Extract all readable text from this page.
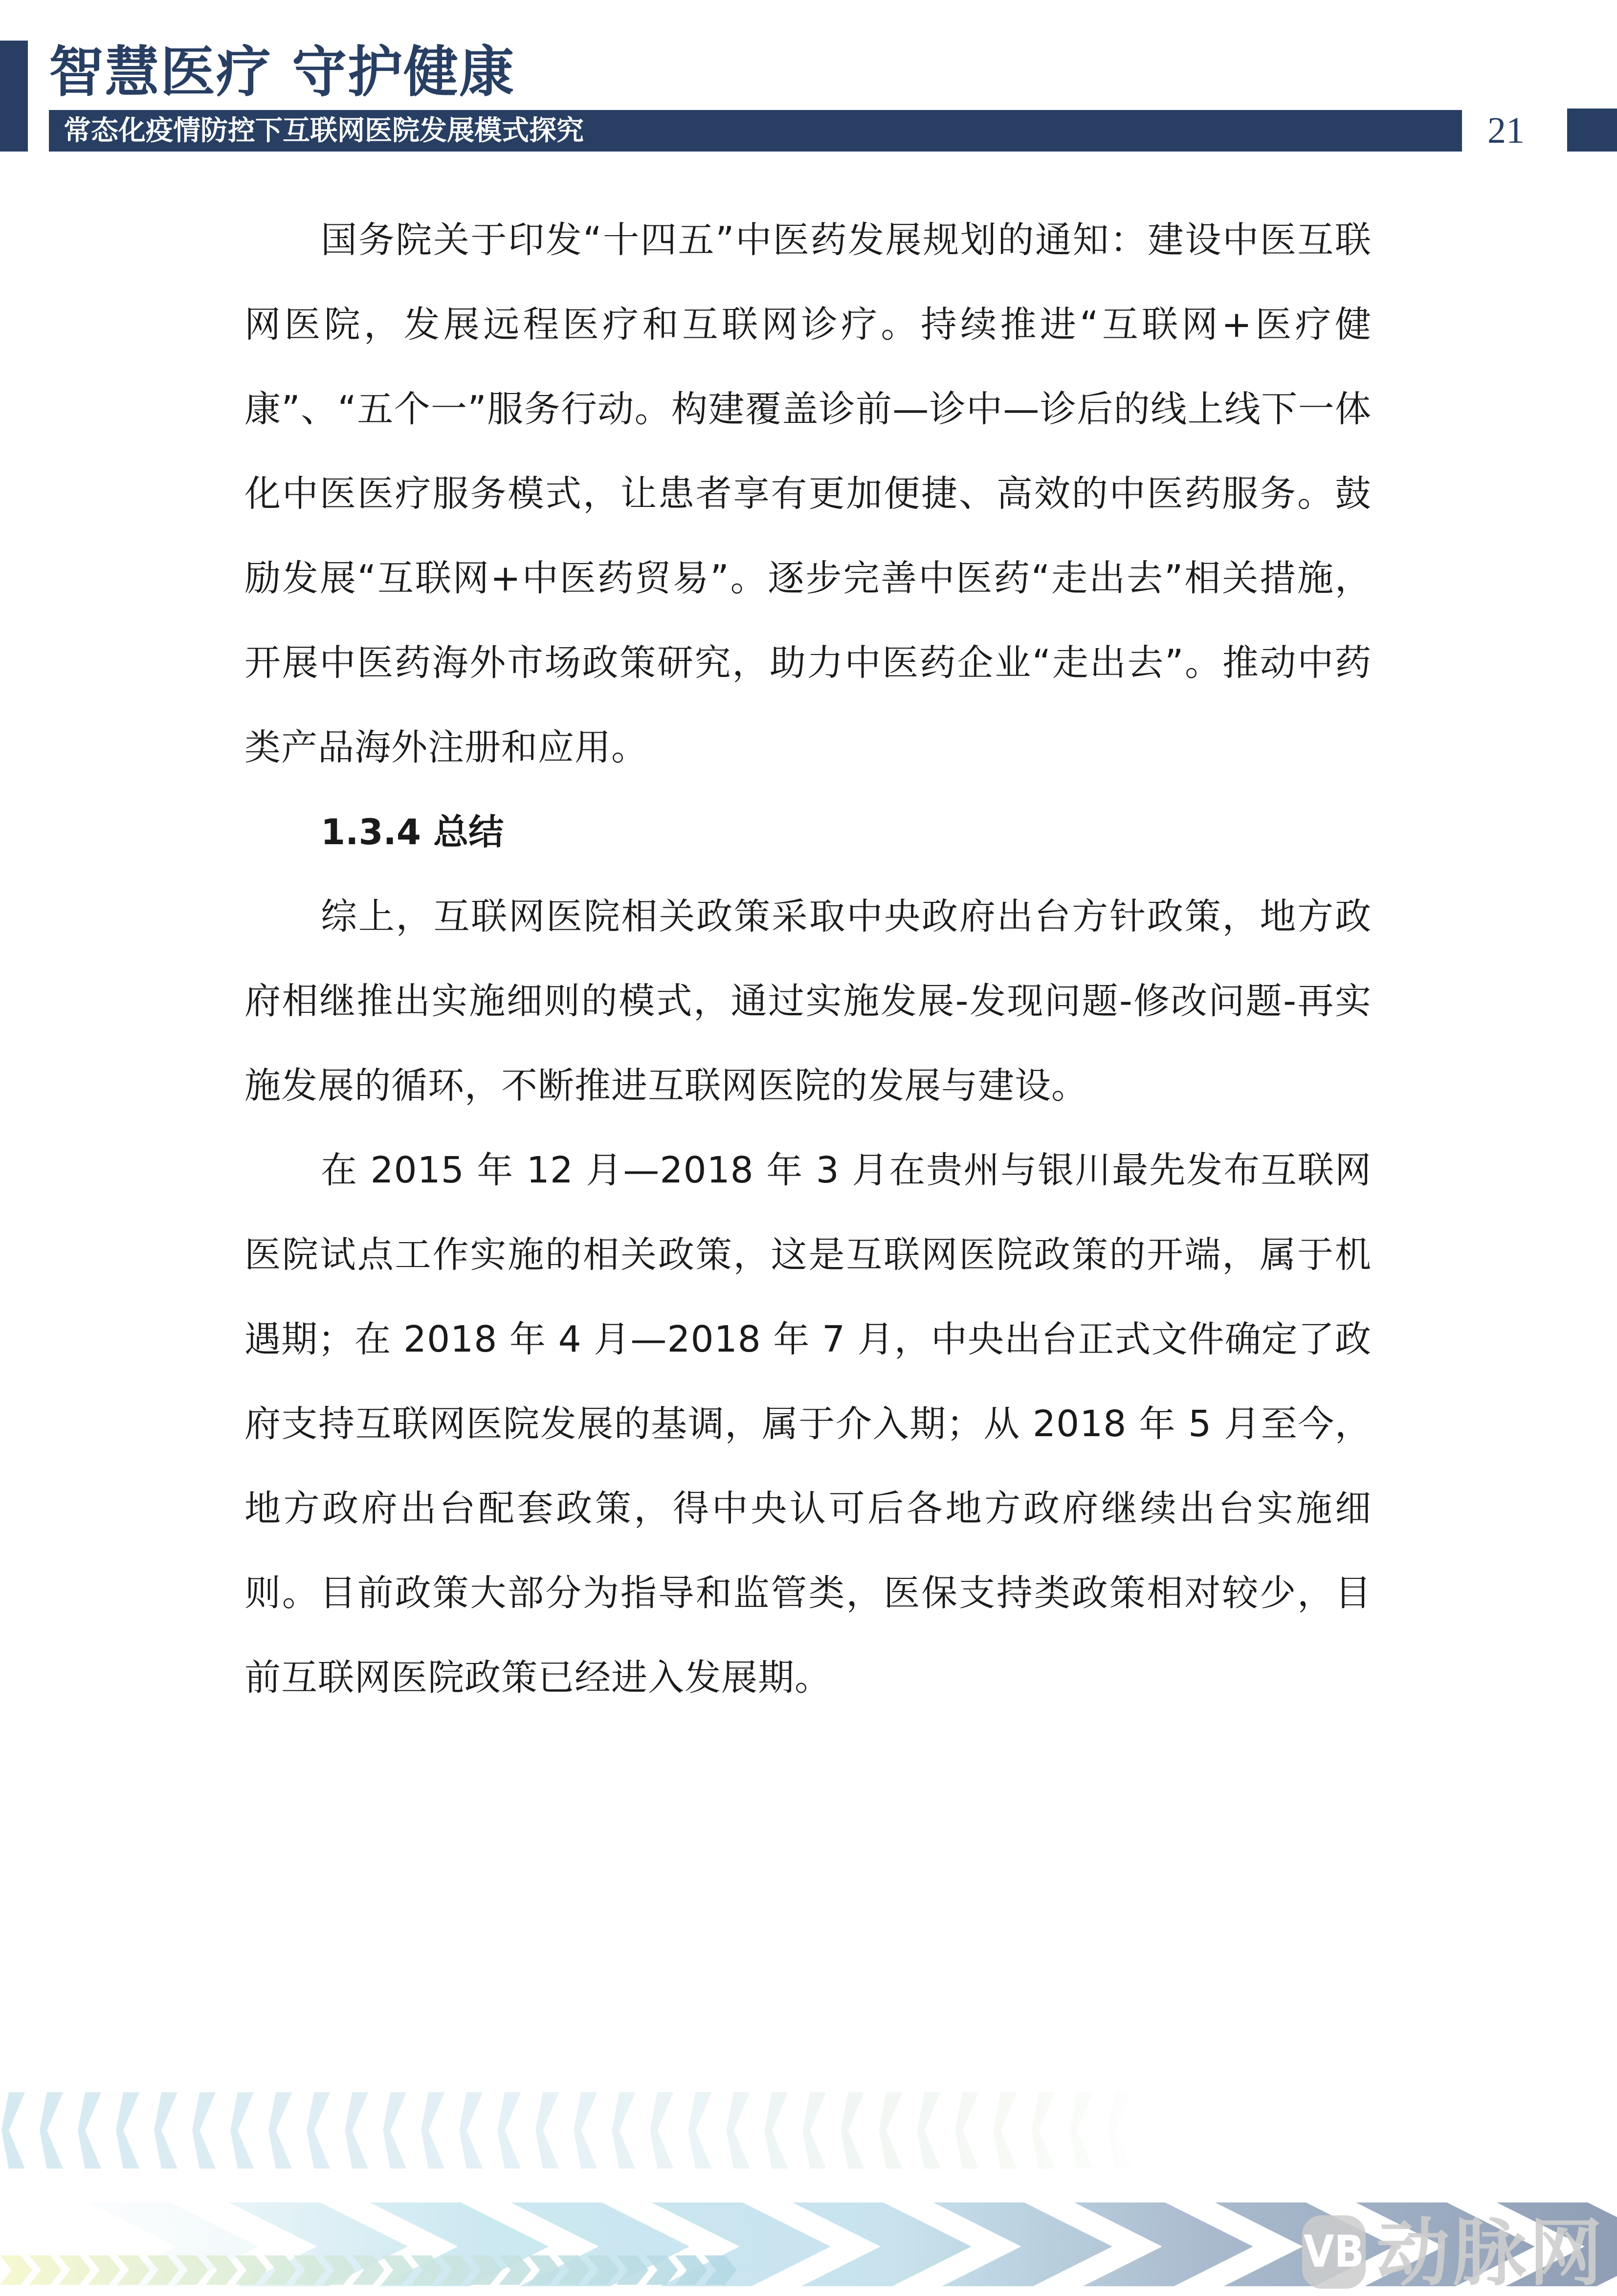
智慧医疗 守护健康
常态化疫情防控下互联网医院发展模式探究	21

国务院关于印发“十四五”中医药发展规划的通知：建设中医互联网医院，发展远程医疗和互联网诊疗。持续推进“互联网+医疗健康”、“五个一”服务行动。构建覆盖诊前—诊中—诊后的线上线下一体化中医医疗服务模式，让患者享有更加便捷、高效的中医药服务。鼓励发展“互联网+中医药贸易”。逐步完善中医药“走出去”相关措施，开展中医药海外市场政策研究，助力中医药企业“走出去”。推动中药类产品海外注册和应用。

1.3.4 总结

综上，互联网医院相关政策采取中央政府出台方针政策，地方政府相继推出实施细则的模式，通过实施发展-发现问题-修改问题-再实施发展的循环，不断推进互联网医院的发展与建设。

在 2015 年 12 月—2018 年 3 月在贵州与银川最先发布互联网医院试点工作实施的相关政策，这是互联网医院政策的开端，属于机遇期；在 2018 年 4 月—2018 年 7 月，中央出台正式文件确定了政府支持互联网医院发展的基调，属于介入期；从 2018 年 5 月至今，地方政府出台配套政策，得中央认可后各地方政府继续出台实施细则。目前政策大部分为指导和监管类，医保支持类政策相对较少，目前互联网医院政策已经进入发展期。

VB 动脉网
